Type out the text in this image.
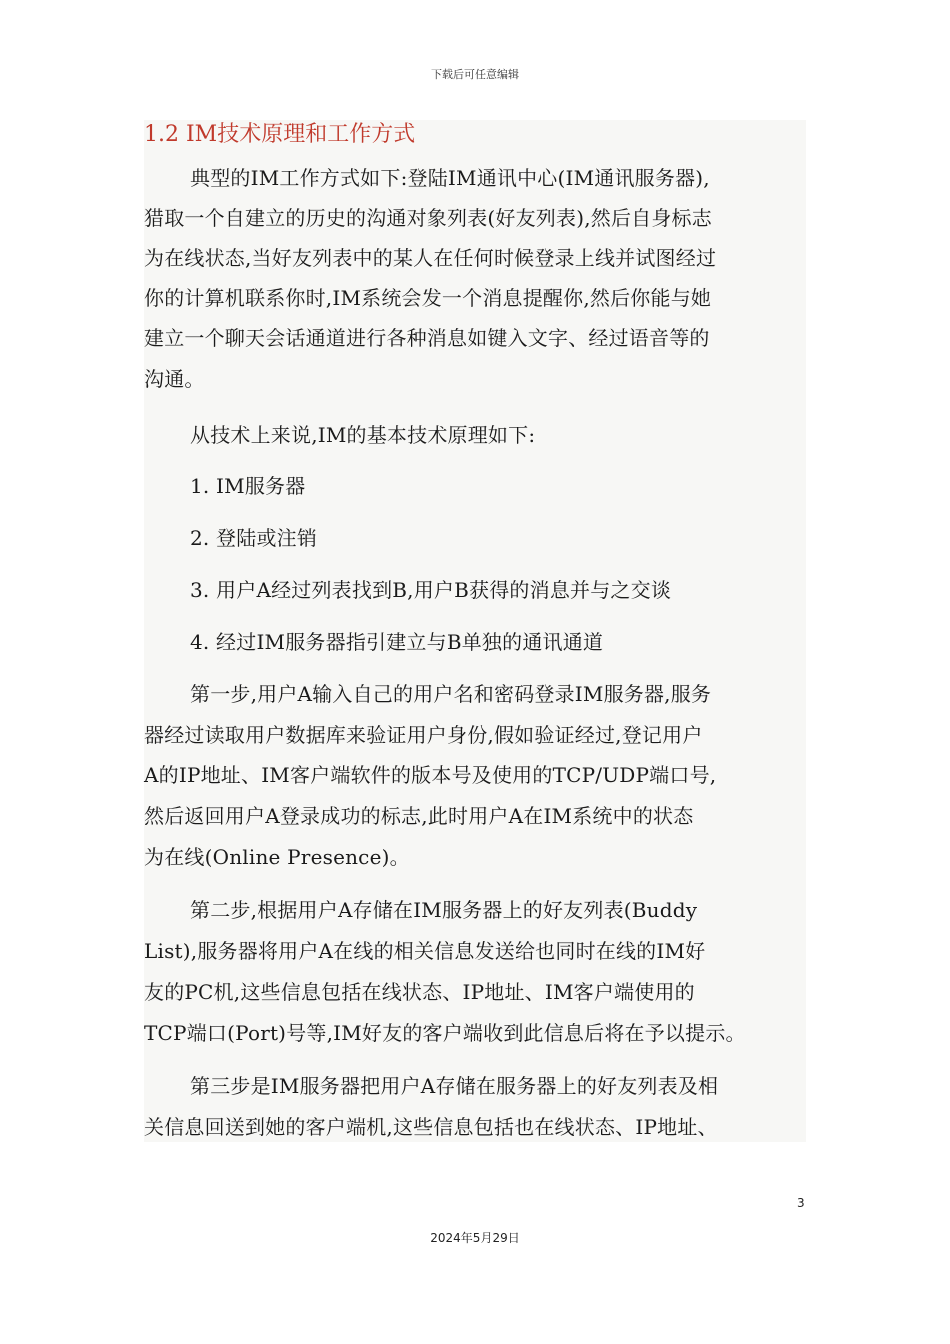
下载后可任意编辑
1.2 IM技术原理和工作方式
典型的IM工作方式如下:登陆IM通讯中心(IM通讯服务器),
猎取一个自建立的历史的沟通对象列表(好友列表),然后自身标志
为在线状态,当好友列表中的某人在任何时候登录上线并试图经过
你的计算机联系你时,IM系统会发一个消息提醒你,然后你能与她
建立一个聊天会话通道进行各种消息如键入文字、经过语音等的
沟通。
从技术上来说,IM的基本技术原理如下:
1. IM服务器
2. 登陆或注销
3. 用户A经过列表找到B,用户B获得的消息并与之交谈
4. 经过IM服务器指引建立与B单独的通讯通道
第一步,用户A输入自己的用户名和密码登录IM服务器,服务
器经过读取用户数据库来验证用户身份,假如验证经过,登记用户
A的IP地址、IM客户端软件的版本号及使用的TCP/UDP端口号,
然后返回用户A登录成功的标志,此时用户A在IM系统中的状态
为在线(Online Presence)。
第二步,根据用户A存储在IM服务器上的好友列表(Buddy
List),服务器将用户A在线的相关信息发送给也同时在线的IM好
友的PC机,这些信息包括在线状态、IP地址、IM客户端使用的
TCP端口(Port)号等,IM好友的客户端收到此信息后将在予以提示。
第三步是IM服务器把用户A存储在服务器上的好友列表及相
关信息回送到她的客户端机,这些信息包括也在线状态、IP地址、
3
2024年5月29日
